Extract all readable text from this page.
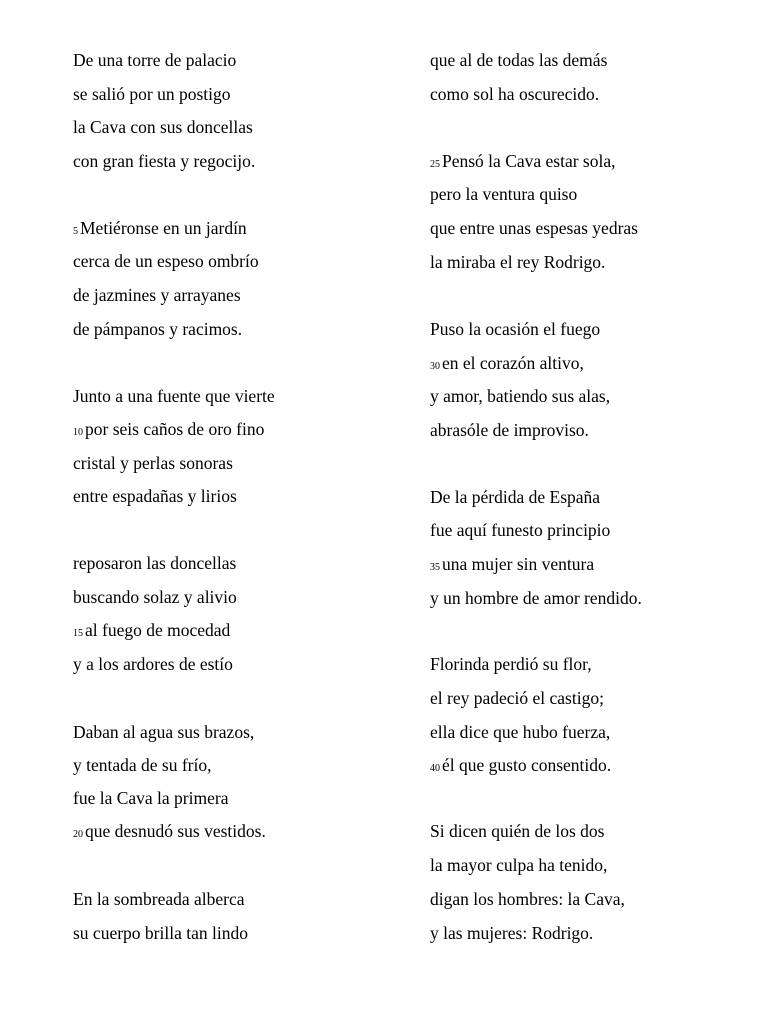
De una torre de palacio
se salió por un postigo
la Cava con sus doncellas
con gran fiesta y regocijo.
5 Metiéronse en un jardín
cerca de un espeso ombrío
de jazmines y arrayanes
de pámpanos y racimos.
Junto a una fuente que vierte
10 por seis caños de oro fino
cristal y perlas sonoras
entre espadañas y lirios
reposaron las doncellas
buscando solaz y alivio
15 al fuego de mocedad
y a los ardores de estío
Daban al agua sus brazos,
y tentada de su frío,
fue la Cava la primera
20 que desnudó sus vestidos.
En la sombreada alberca
su cuerpo brilla tan lindo
que al de todas las demás
como sol ha oscurecido.
25 Pensó la Cava estar sola,
pero la ventura quiso
que entre unas espesas yedras
la miraba el rey Rodrigo.
Puso la ocasión el fuego
30 en el corazón altivo,
y amor, batiendo sus alas,
abrasóle de improviso.
De la pérdida de España
fue aquí funesto principio
35 una mujer sin ventura
y un hombre de amor rendido.
Florinda perdió su flor,
el rey padeció el castigo;
ella dice que hubo fuerza,
40 él que gusto consentido.
Si dicen quién de los dos
la mayor culpa ha tenido,
digan los hombres: la Cava,
y las mujeres: Rodrigo.
